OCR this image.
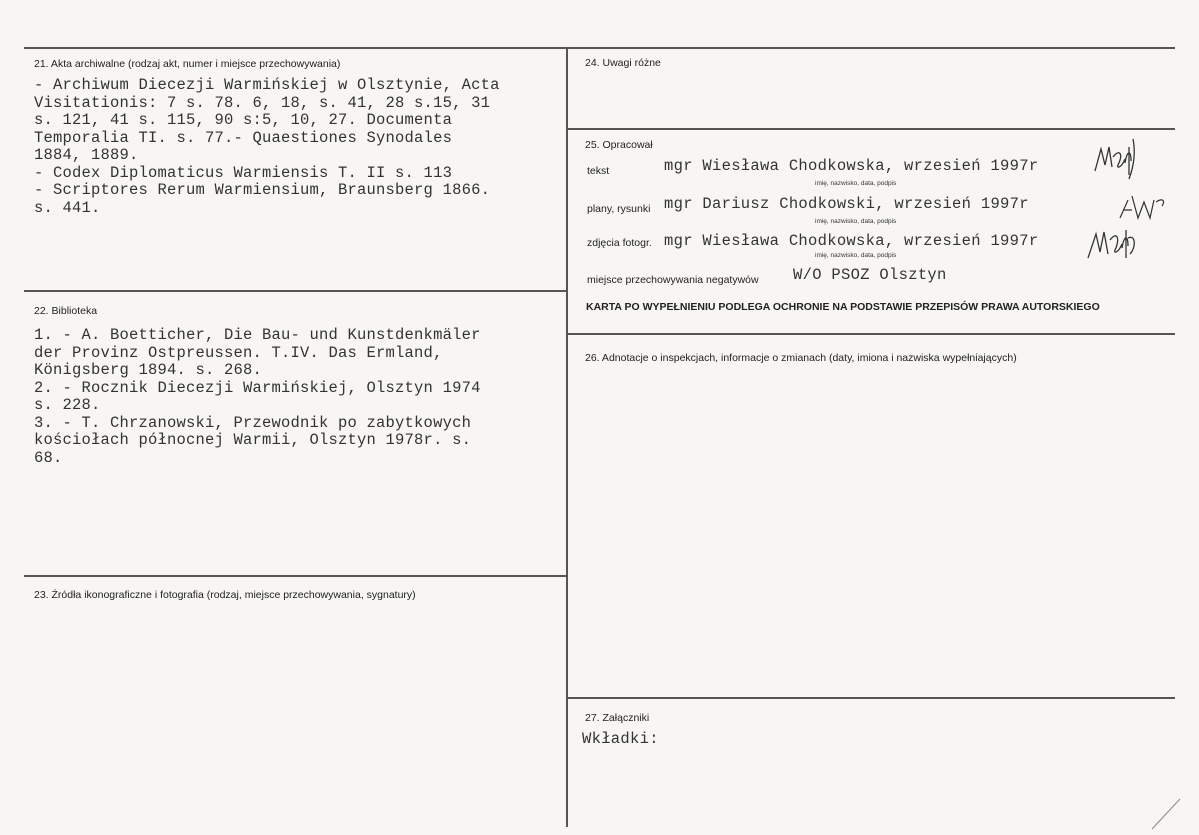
21. Akta archiwalne (rodzaj akt, numer i miejsce przechowywania)
- Archiwum Diecezji Warmińskiej w Olsztynie, Acta
Visitationis: 7 s. 78. 6, 18, s. 41, 28 s.15, 31
s. 121, 41 s. 115, 90 s:5, 10, 27. Documenta
Temporalia TI. s. 77.- Quaestiones Synodales
1884, 1889.
- Codex Diplomaticus Warmiensis T. II s. 113
- Scriptores Rerum Warmiensium, Braunsberg 1866.
s. 441.
22. Biblioteka
1. - A. Boetticher, Die Bau- und Kunstdenkmäler
der Provinz Ostpreussen. T.IV. Das Ermland,
Königsberg 1894. s. 268.
2. - Rocznik Diecezji Warmińskiej, Olsztyn 1974
s. 228.
3. - T. Chrzanowski, Przewodnik po zabytkowych
kościołach północnej Warmii, Olsztyn 1978r. s.
68.
23. Źródła ikonograficzne i fotografia (rodzaj, miejsce przechowywania, sygnatury)
24. Uwagi różne
25. Opracował
tekst	mgr Wiesława Chodkowska, wrzesień 1997r
imię, nazwisko, data, podpis
plany, rysunki mgr Dariusz Chodkowski, wrzesień 1997r
imię, nazwisko, data, podpis
zdjęcia fotogr. mgr Wiesława Chodkowska, wrzesień 1997r
imię, nazwisko, data, podpis
miejsce przechowywania negatywów W/O PSOZ Olsztyn
KARTA PO WYPEŁNIENIU PODLEGA OCHRONIE NA PODSTAWIE PRZEPISÓW PRAWA AUTORSKIEGO
26. Adnotacje o inspekcjach, informacje o zmianach (daty, imiona i nazwiska wypełniających)
27. Załączniki
Wkładki:
